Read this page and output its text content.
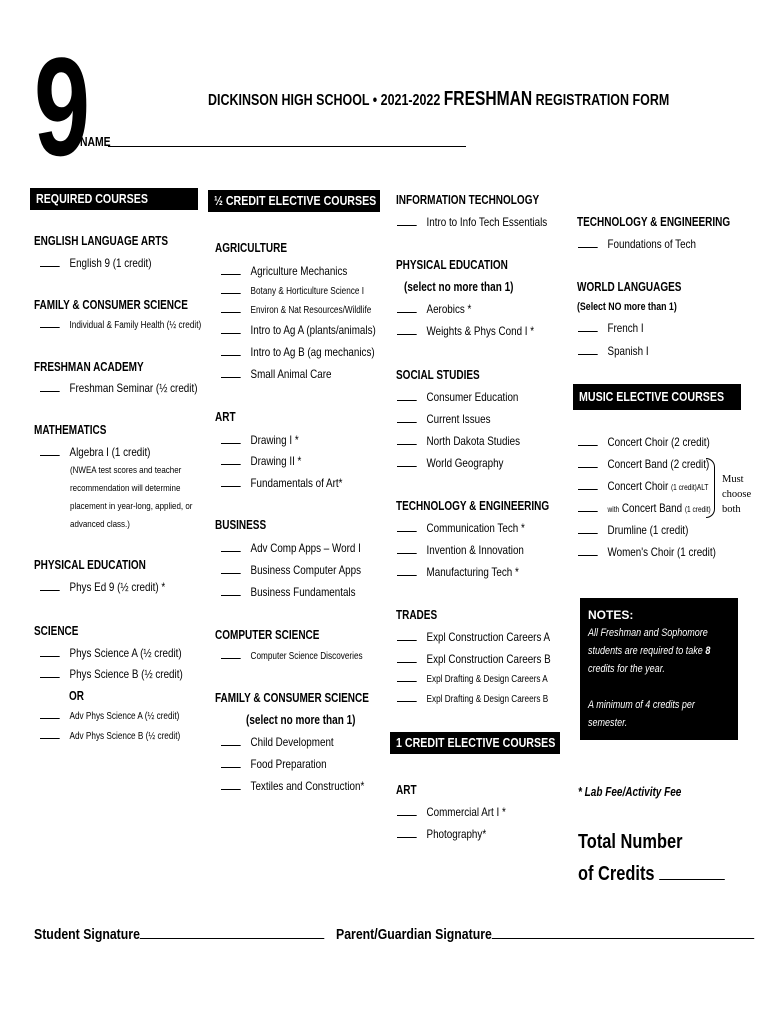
9	DICKINSON HIGH SCHOOL • 2021-2022 FRESHMAN REGISTRATION FORM
NAME
REQUIRED COURSES
ENGLISH LANGUAGE ARTS
English 9 (1 credit)
FAMILY & CONSUMER SCIENCE
Individual & Family Health (½ credit)
FRESHMAN ACADEMY
Freshman Seminar (½ credit)
MATHEMATICS
Algebra I (1 credit)
(NWEA test scores and teacher
recommendation will determine
placement in year-long, applied, or
advanced class.)
PHYSICAL EDUCATION
Phys Ed 9 (½ credit) *
SCIENCE
Phys Science A (½ credit)
Phys Science B (½ credit)
OR
Adv Phys Science A (½ credit)
Adv Phys Science B (½ credit)
½ CREDIT ELECTIVE COURSES
AGRICULTURE
Agriculture Mechanics
Botany & Horticulture Science I
Environ & Nat Resources/Wildlife
Intro to Ag A (plants/animals)
Intro to Ag B (ag mechanics)
Small Animal Care
ART
Drawing I *
Drawing II *
Fundamentals of Art*
BUSINESS
Adv Comp Apps – Word I
Business Computer Apps
Business Fundamentals
COMPUTER SCIENCE
Computer Science Discoveries
FAMILY & CONSUMER SCIENCE
(select no more than 1)
Child Development
Food Preparation
Textiles and Construction*
INFORMATION TECHNOLOGY
Intro to Info Tech Essentials
PHYSICAL EDUCATION
(select no more than 1)
Aerobics *
Weights & Phys Cond I *
SOCIAL STUDIES
Consumer Education
Current Issues
North Dakota Studies
World Geography
TECHNOLOGY & ENGINEERING
Communication Tech *
Invention & Innovation
Manufacturing Tech *
TRADES
Expl Construction Careers A
Expl Construction Careers B
Expl Drafting & Design Careers A
Expl Drafting & Design Careers B
1 CREDIT ELECTIVE COURSES
ART
Commercial Art I *
Photography*
TECHNOLOGY & ENGINEERING
Foundations of Tech
WORLD LANGUAGES
(Select NO more than 1)
French I
Spanish I
MUSIC ELECTIVE COURSES
Concert Choir (2 credit)
Concert Band (2 credit)
Concert Choir (1 credit)ALT
with Concert Band (1 credit)
Must
choose
both
Drumline (1 credit)
Women's Choir (1 credit)
NOTES:
All Freshman and Sophomore
students are required to take 8
credits for the year.
A minimum of 4 credits per
semester.
* Lab Fee/Activity Fee
Total Number
of Credits
Student Signature	Parent/Guardian Signature
